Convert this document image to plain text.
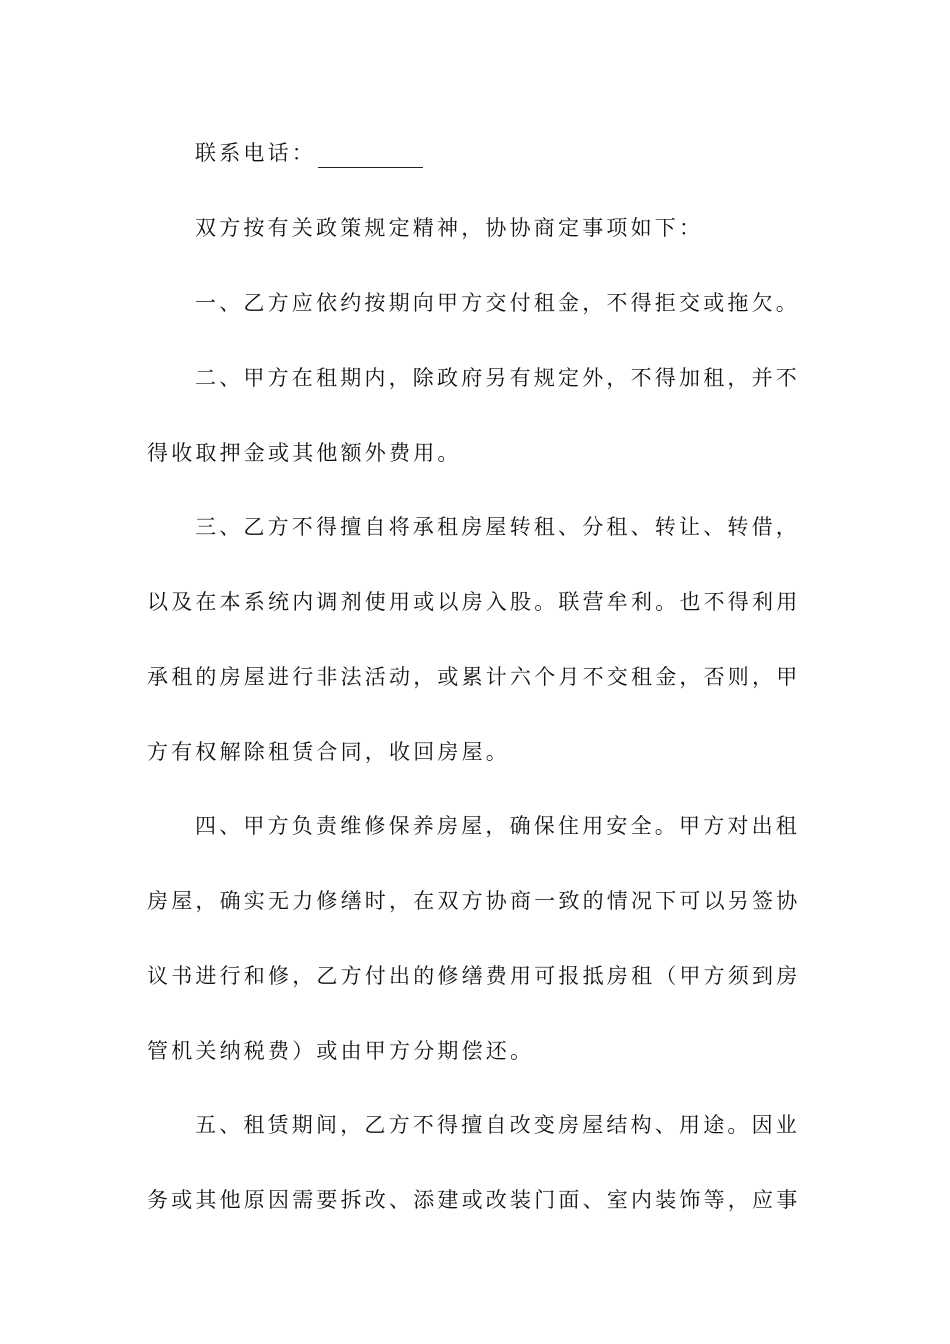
联系电话：
双方按有关政策规定精神，协协商定事项如下：
一、乙方应依约按期向甲方交付租金，不得拒交或拖欠。
二、甲方在租期内，除政府另有规定外，不得加租，并不
得收取押金或其他额外费用。
三、乙方不得擅自将承租房屋转租、分租、转让、转借，
以及在本系统内调剂使用或以房入股。联营牟利。也不得利用
承租的房屋进行非法活动，或累计六个月不交租金，否则，甲
方有权解除租赁合同，收回房屋。
四、甲方负责维修保养房屋，确保住用安全。甲方对出租
房屋，确实无力修缮时，在双方协商一致的情况下可以另签协
议书进行和修，乙方付出的修缮费用可报抵房租（甲方须到房
管机关纳税费）或由甲方分期偿还。
五、租赁期间，乙方不得擅自改变房屋结构、用途。因业
务或其他原因需要拆改、添建或改装门面、室内装饰等，应事
